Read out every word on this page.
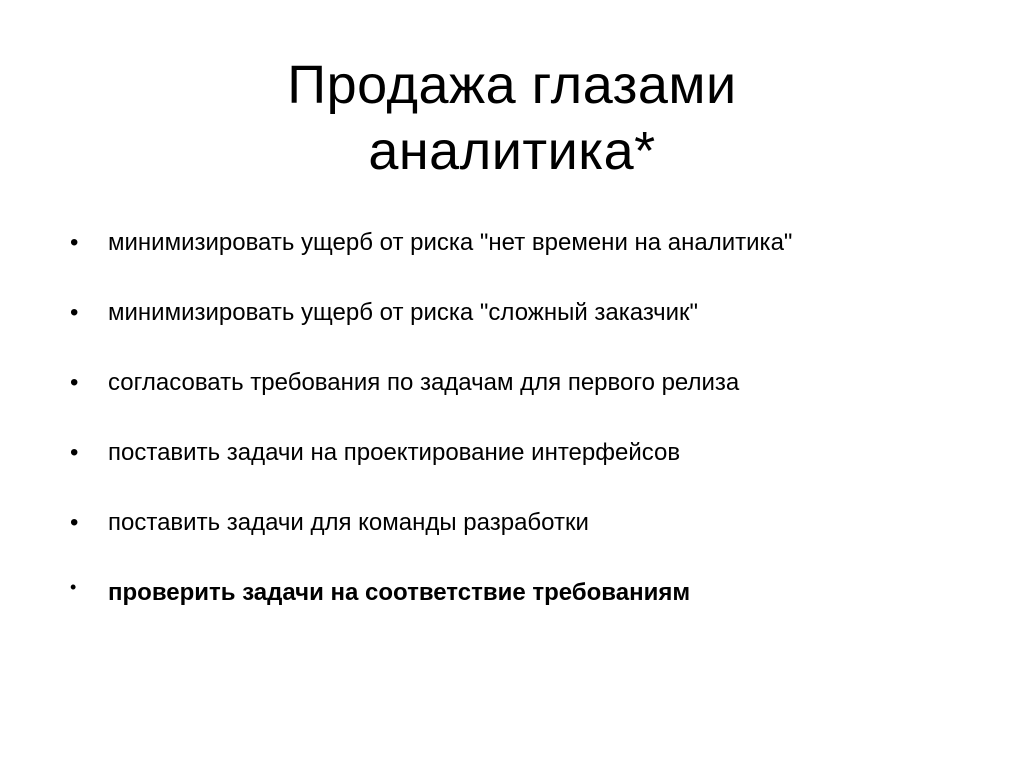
Продажа глазами
аналитика*
•	минимизировать ущерб от риска "нет времени на аналитика"
•	минимизировать ущерб от риска "сложный заказчик"
•	согласовать требования по задачам для первого релиза
•	поставить задачи на проектирование интерфейсов
•	поставить задачи для команды разработки
•	проверить задачи на соответствие требованиям
